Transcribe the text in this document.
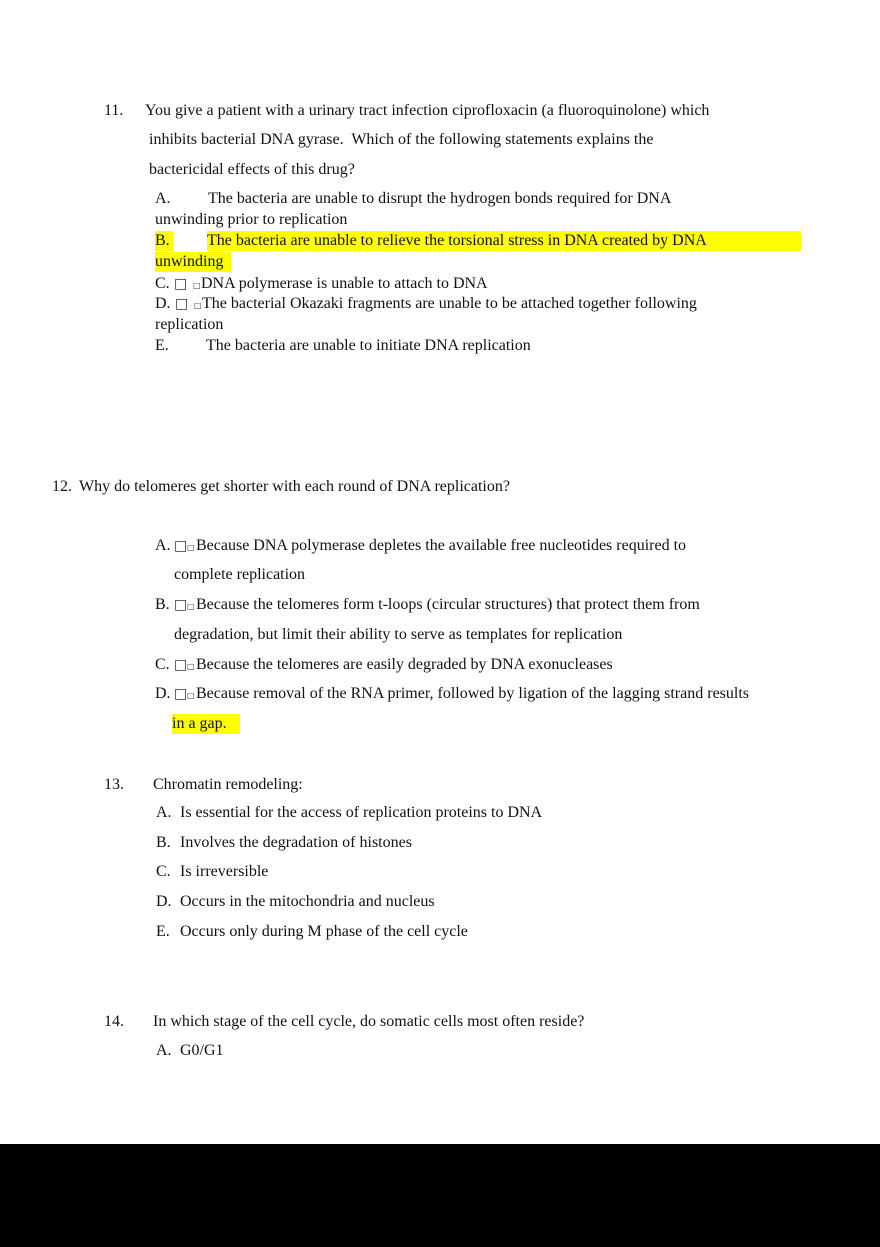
11. You give a patient with a urinary tract infection ciprofloxacin (a fluoroquinolone) which
inhibits bacterial DNA gyrase.  Which of the following statements explains the
bactericidal effects of this drug?
A. The bacteria are unable to disrupt the hydrogen bonds required for DNA
unwinding prior to replication
B. The bacteria are unable to relieve the torsional stress in DNA created by DNA
unwinding
C. □ □ DNA polymerase is unable to attach to DNA
D. □ □ The bacterial Okazaki fragments are unable to be attached together following
replication
E. The bacteria are unable to initiate DNA replication
12. Why do telomeres get shorter with each round of DNA replication?
A. □ □ Because DNA polymerase depletes the available free nucleotides required to
complete replication
B. □ □ Because the telomeres form t-loops (circular structures) that protect them from
degradation, but limit their ability to serve as templates for replication
C. □ □ Because the telomeres are easily degraded by DNA exonucleases
D. □ □ Because removal of the RNA primer, followed by ligation of the lagging strand results
in a gap.
13. Chromatin remodeling:
A. Is essential for the access of replication proteins to DNA
B. Involves the degradation of histones
C. Is irreversible
D. Occurs in the mitochondria and nucleus
E. Occurs only during M phase of the cell cycle
14. In which stage of the cell cycle, do somatic cells most often reside?
A. G0/G1
